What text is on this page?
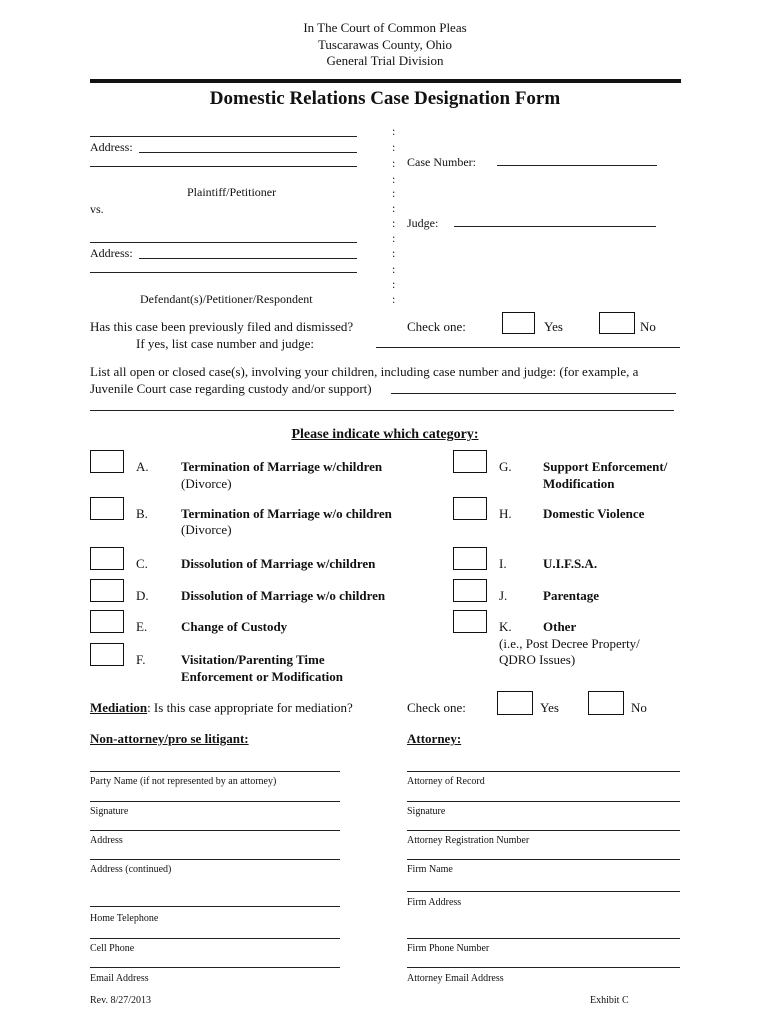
In The Court of Common Pleas
Tuscarawas County, Ohio
General Trial Division
Domestic Relations Case Designation Form
Address:
Plaintiff/Petitioner
vs.
Address:
Defendant(s)/Petitioner/Respondent
:
:
:
:
:
:
:
:
:
:
:
:
Case Number:
Judge:
Has this case been previously filed and dismissed?
If yes, list case number and judge:
Check one:	Yes	No
List all open or closed case(s), involving your children, including case number and judge: (for example, a
Juvenile Court case regarding custody and/or support)
Please indicate which category:
A. Termination of Marriage w/children
(Divorce)
B.	Termination of Marriage w/o children
(Divorce)
C.	Dissolution of Marriage w/children
D. Dissolution of Marriage w/o children
E.	Change of Custody
F.	Visitation/Parenting Time
Enforcement or Modification
G. Support Enforcement/
Modification
H. Domestic Violence
I.	U.I.F.S.A.
J.	Parentage
K. Other
(i.e., Post Decree Property/
QDRO Issues)
Mediation: Is this case appropriate for mediation?	Check one:	Yes	No
Non-attorney/pro se litigant:	Attorney:
Party Name (if not represented by an attorney)
Signature
Address
Address (continued)
Home Telephone
Cell Phone
Email Address
Attorney of Record
Signature
Attorney Registration Number
Firm Name
Firm Address
Firm Phone Number
Attorney Email Address
Rev. 8/27/2013	Exhibit C
